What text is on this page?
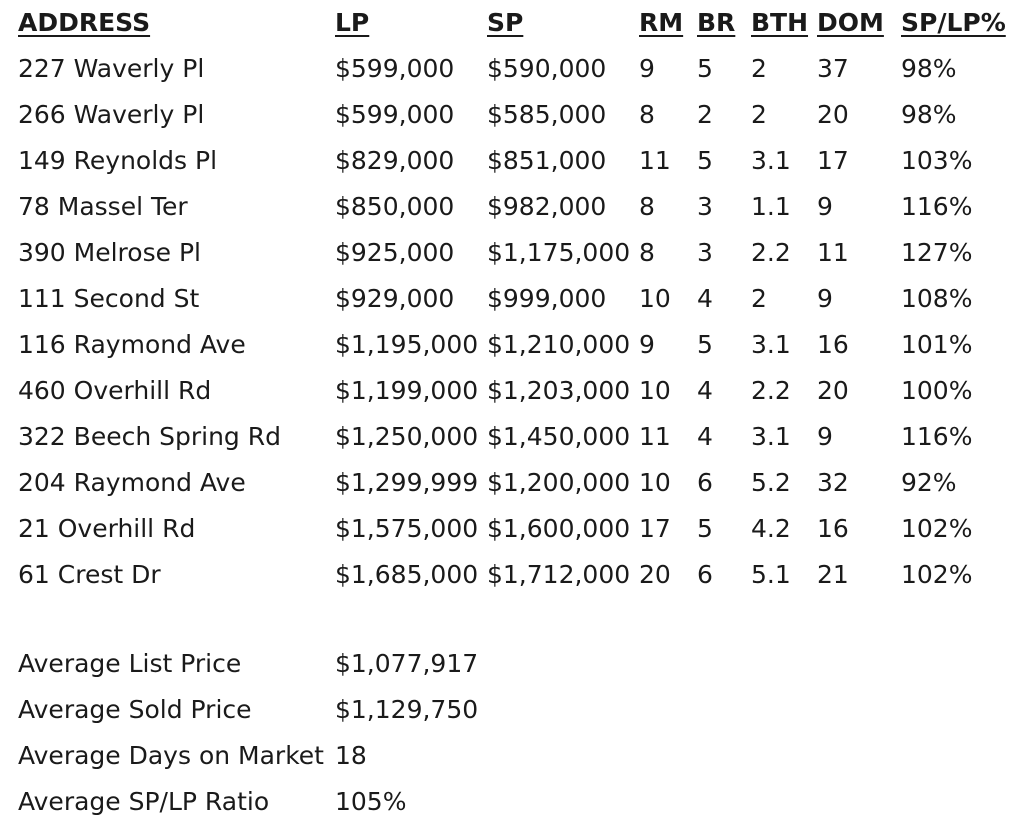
ADDRESS	LP	SP	RM	BR	BTH	DOM	SP/LP%
227 Waverly Pl	$599,000	$590,000	9	5	2	37	98%
266 Waverly Pl	$599,000	$585,000	8	2	2	20	98%
149 Reynolds Pl	$829,000	$851,000	11	5	3.1	17	103%
78 Massel Ter	$850,000	$982,000	8	3	1.1	9	116%
390 Melrose Pl	$925,000	$1,175,000	8	3	2.2	11	127%
111 Second St	$929,000	$999,000	10	4	2	9	108%
116 Raymond Ave	$1,195,000	$1,210,000	9	5	3.1	16	101%
460 Overhill Rd	$1,199,000	$1,203,000	10	4	2.2	20	100%
322 Beech Spring Rd	$1,250,000	$1,450,000	11	4	3.1	9	116%
204 Raymond Ave	$1,299,999	$1,200,000	10	6	5.2	32	92%
21 Overhill Rd	$1,575,000	$1,600,000	17	5	4.2	16	102%
61 Crest Dr	$1,685,000	$1,712,000	20	6	5.1	21	102%
Average List Price	$1,077,917
Average Sold Price	$1,129,750
Average Days on Market	18
Average SP/LP Ratio	105%
